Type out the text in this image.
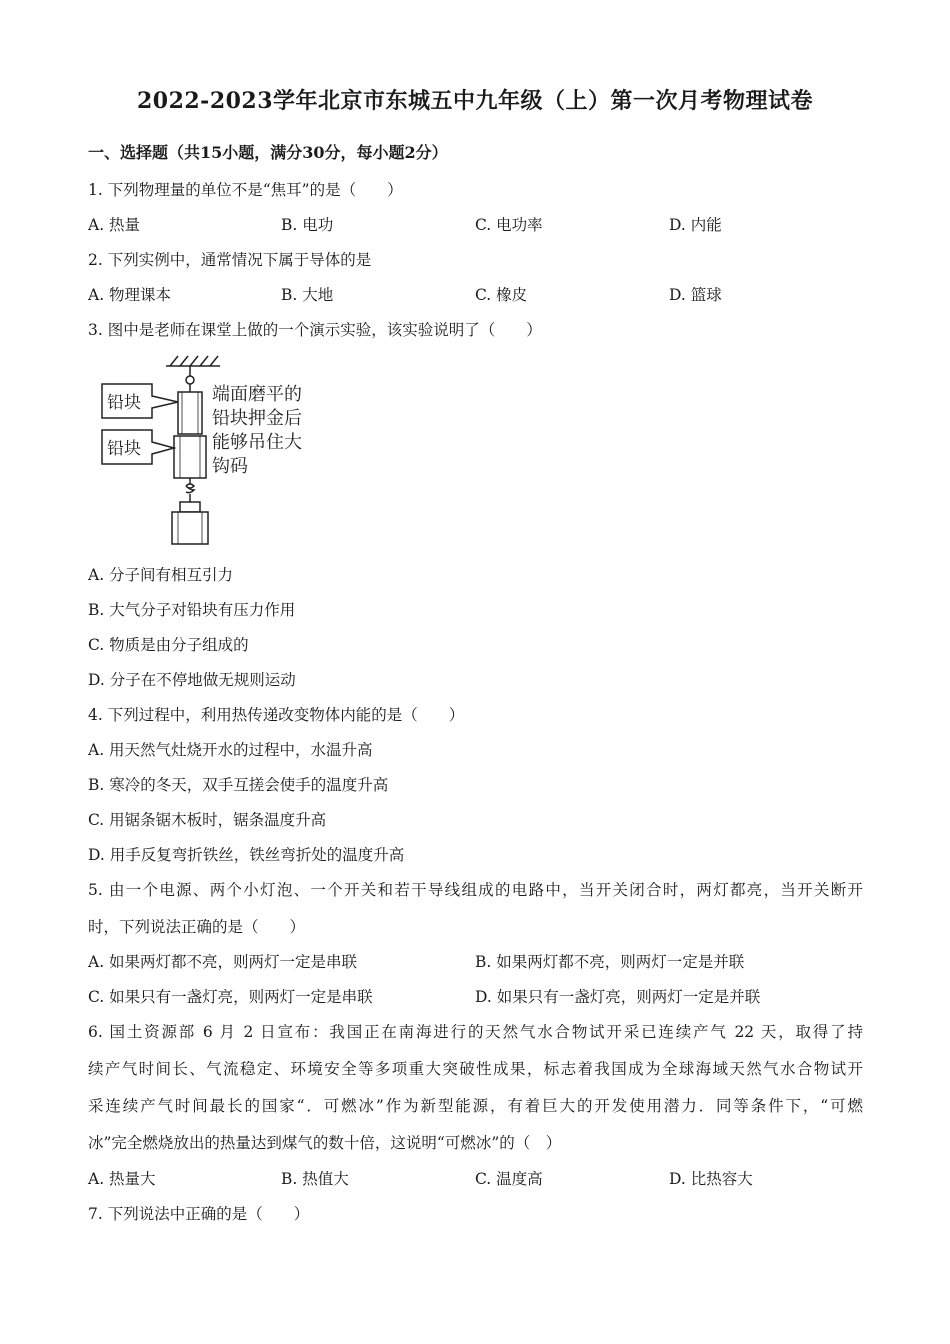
2022-2023学年北京市东城五中九年级（上）第一次月考物理试卷
一、选择题（共15小题，满分30分，每小题2分）
1. 下列物理量的单位不是“焦耳”的是（　　）
A. 热量	B. 电功	C. 电功率	D. 内能
2. 下列实例中，通常情况下属于导体的是
A. 物理课本	B. 大地	C. 橡皮	D. 篮球
3. 图中是老师在课堂上做的一个演示实验，该实验说明了（　　）
铅块
铅块
端面磨平的
铅块押金后
能够吊住大
钩码
A. 分子间有相互引力
B. 大气分子对铅块有压力作用
C. 物质是由分子组成的
D. 分子在不停地做无规则运动
4. 下列过程中，利用热传递改变物体内能的是（　　）
A. 用天然气灶烧开水的过程中，水温升高
B. 寒冷的冬天，双手互搓会使手的温度升高
C. 用锯条锯木板时，锯条温度升高
D. 用手反复弯折铁丝，铁丝弯折处的温度升高
5. 由一个电源、两个小灯泡、一个开关和若干导线组成的电路中，当开关闭合时，两灯都亮，当开关断开
时，下列说法正确的是（　　）
A. 如果两灯都不亮，则两灯一定是串联	B. 如果两灯都不亮，则两灯一定是并联
C. 如果只有一盏灯亮，则两灯一定是串联	D. 如果只有一盏灯亮，则两灯一定是并联
6. 国土资源部 6 月 2 日宣布：我国正在南海进行的天然气水合物试开采已连续产气 22 天，取得了持
续产气时间长、气流稳定、环境安全等多项重大突破性成果，标志着我国成为全球海域天然气水合物试开
采连续产气时间最长的国家“．可燃冰”作为新型能源，有着巨大的开发使用潜力．同等条件下，“可燃
冰”完全燃烧放出的热量达到煤气的数十倍，这说明“可燃冰”的（　）
A. 热量大	B. 热值大	C. 温度高	D. 比热容大
7. 下列说法中正确的是（　　）
